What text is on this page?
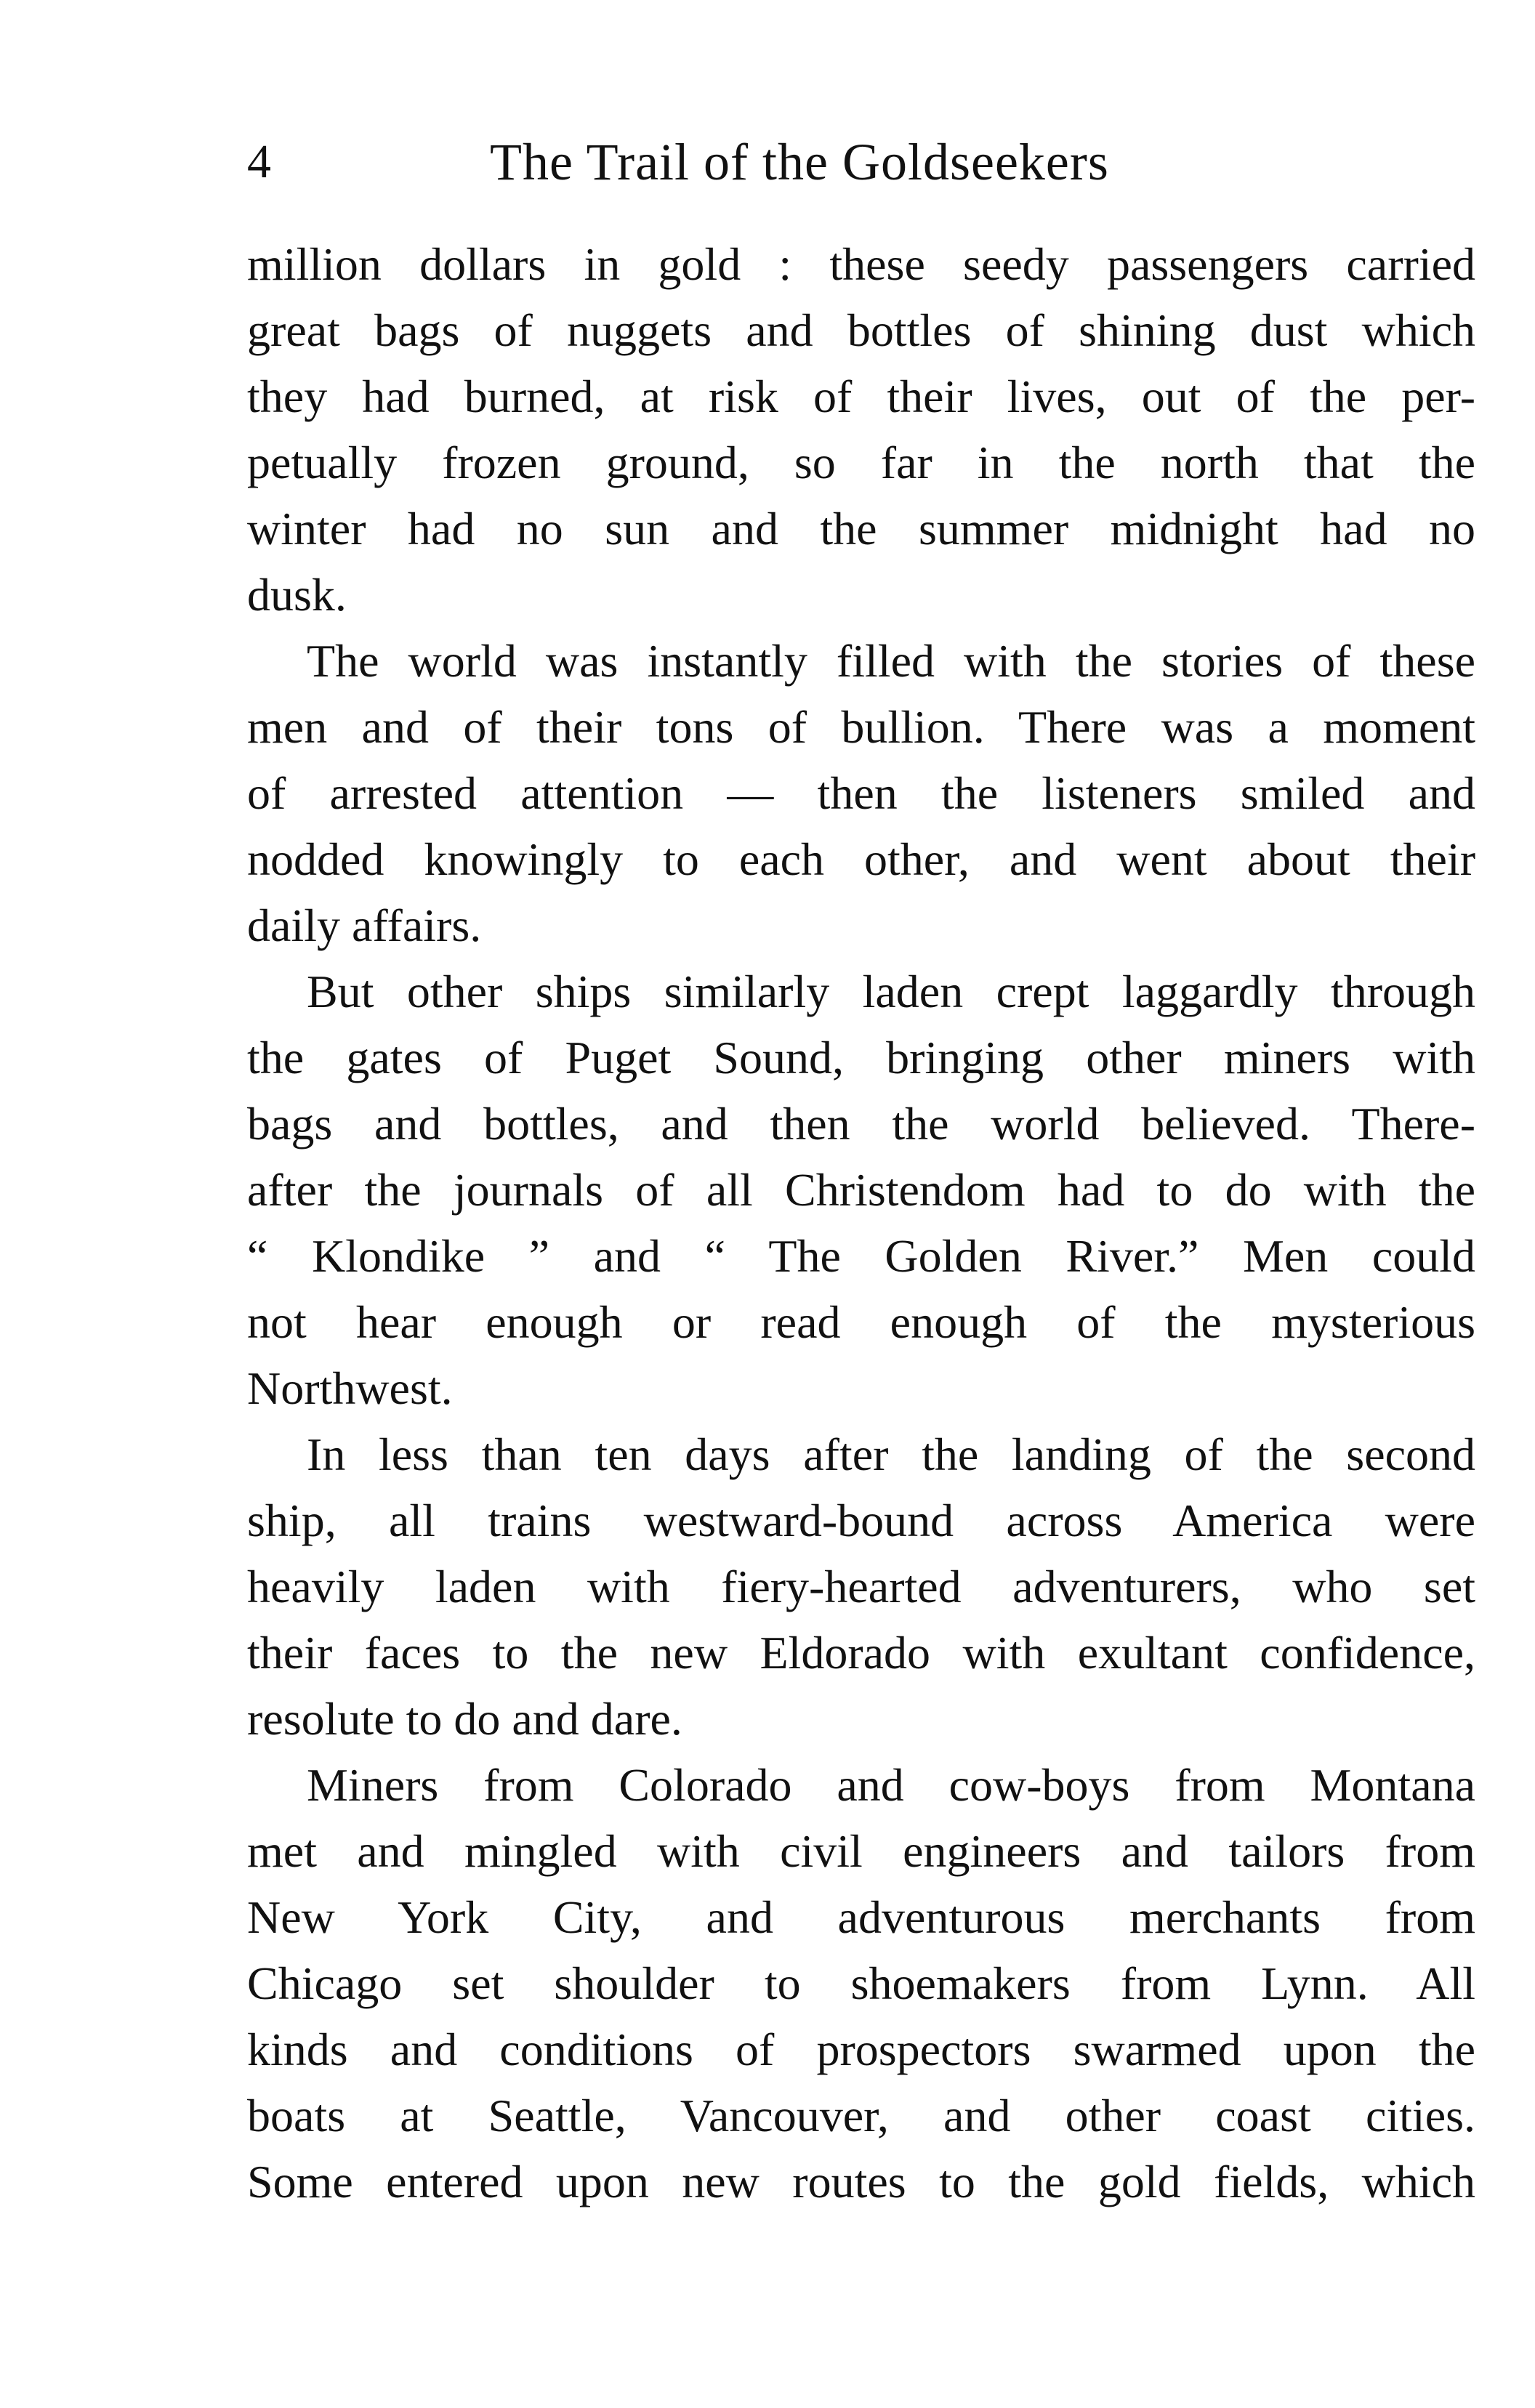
4	The Trail of the Goldseekers
million dollars in gold : these seedy passengers carried
great bags of nuggets and bottles of shining dust which
they had burned, at risk of their lives, out of the per-
petually frozen ground, so far in the north that the
winter had no sun and the summer midnight had no
dusk.
The world was instantly filled with the stories of these
men and of their tons of bullion. There was a moment
of arrested attention — then the listeners smiled and
nodded knowingly to each other, and went about their
daily affairs.
But other ships similarly laden crept laggardly through
the gates of Puget Sound, bringing other miners with
bags and bottles, and then the world believed. There-
after the journals of all Christendom had to do with the
“ Klondike ” and “ The Golden River.” Men could
not hear enough or read enough of the mysterious
Northwest.
In less than ten days after the landing of the second
ship, all trains westward-bound across America were
heavily laden with fiery-hearted adventurers, who set
their faces to the new Eldorado with exultant confidence,
resolute to do and dare.
Miners from Colorado and cow-boys from Montana
met and mingled with civil engineers and tailors from
New York City, and adventurous merchants from
Chicago set shoulder to shoemakers from Lynn. All
kinds and conditions of prospectors swarmed upon the
boats at Seattle, Vancouver, and other coast cities.
Some entered upon new routes to the gold fields, which
